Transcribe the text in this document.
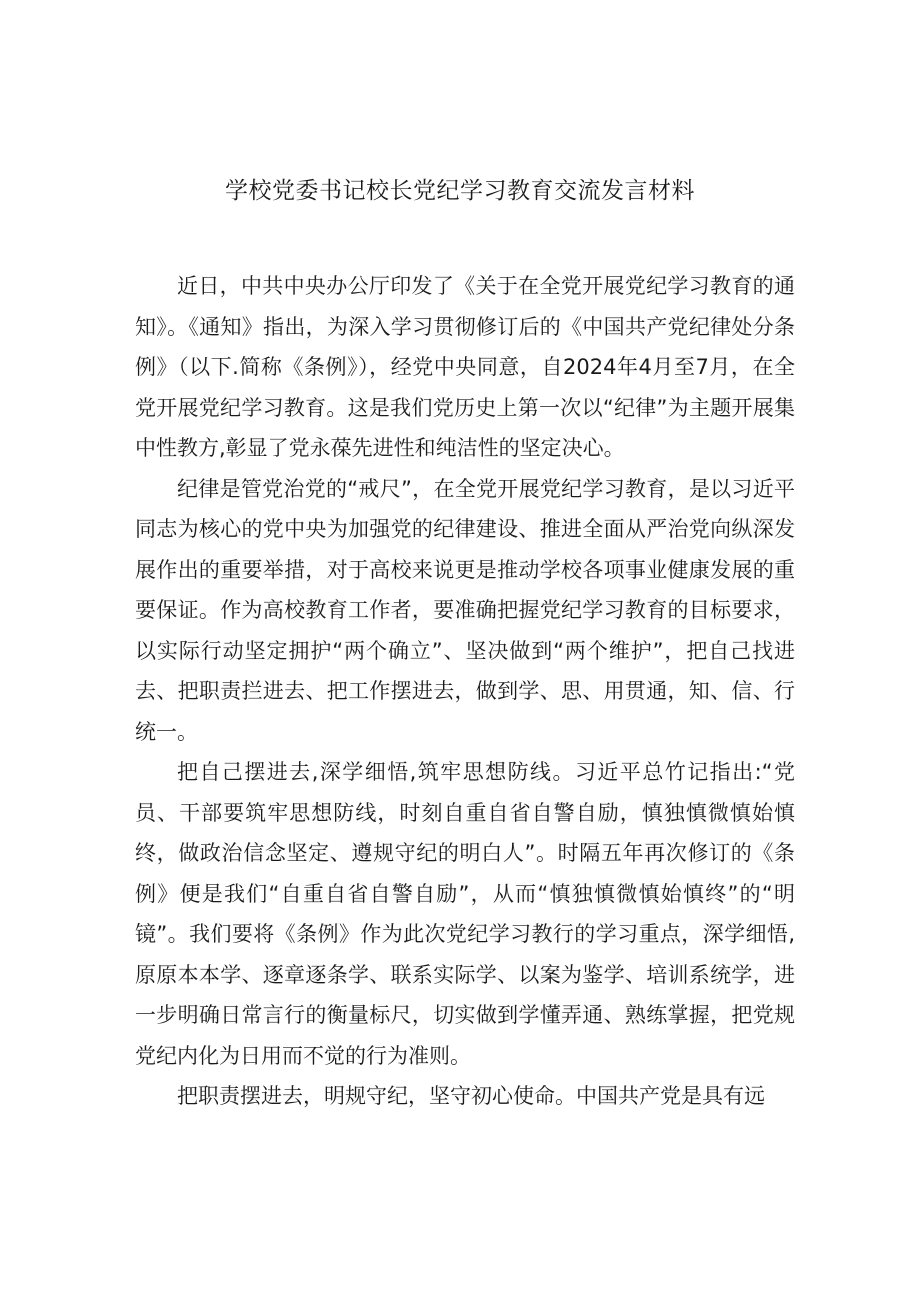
学校党委书记校长党纪学习教育交流发言材料

近日，中共中央办公厅印发了《关于在全党开展党纪学习教育的通知》。《通知》指出，为深入学习贯彻修订后的《中国共产党纪律处分条例》（以下.简称《条例》），经党中央同意，自2024年4月至7月，在全党开展党纪学习教育。这是我们党历史上第一次以“纪律”为主题开展集中性教方,彰显了党永葆先进性和纯洁性的坚定决心。

纪律是管党治党的“戒尺”，在全党开展党纪学习教育，是以习近平同志为核心的党中央为加强党的纪律建设、推进全面从严治党向纵深发展作出的重要举措，对于高校来说更是推动学校各项事业健康发展的重要保证。作为高校教育工作者，要准确把握党纪学习教育的目标要求，以实际行动坚定拥护“两个确立”、坚决做到“两个维护”，把自己找进去、把职责拦进去、把工作摆进去，做到学、思、用贯通，知、信、行统一。

把自己摆进去,深学细悟,筑牢思想防线。习近平总竹记指出:“党员、干部要筑牢思想防线，时刻自重自省自警自励，慎独慎微慎始慎终，做政治信念坚定、遵规守纪的明白人”。时隔五年再次修订的《条例》便是我们“自重自省自警自励”，从而“慎独慎微慎始慎终”的“明镜”。我们要将《条例》作为此次党纪学习教行的学习重点，深学细悟,原原本本学、逐章逐条学、联系实际学、以案为鉴学、培训系统学，进一步明确日常言行的衡量标尺，切实做到学懂弄通、熟练掌握，把党规党纪内化为日用而不觉的行为准则。

把职责摆进去，明规守纪，坚守初心使命。中国共产党是具有远
